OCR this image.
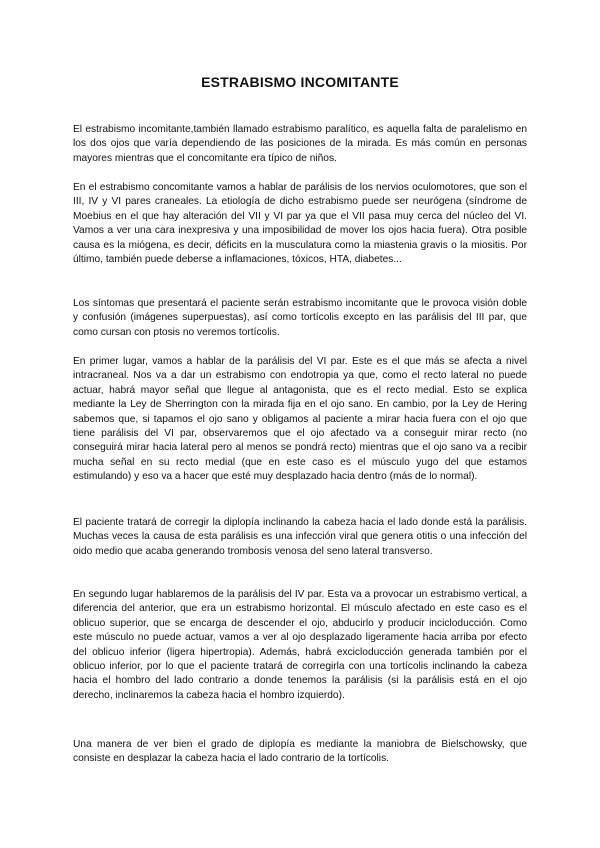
ESTRABISMO INCOMITANTE

El estrabismo incomitante,también llamado estrabismo paralítico, es aquella falta de paralelismo en los dos ojos que varía dependiendo de las posiciones de la mirada. Es más común en personas mayores mientras que el concomitante era típico de niños.

En el estrabismo concomitante vamos a hablar de parálisis de los nervios oculomotores, que son el III, IV y VI pares craneales. La etiología de dicho estrabismo puede ser neurógena (síndrome de Moebius en el que hay alteración del VII y VI par ya que el VII pasa muy cerca del núcleo del VI. Vamos a ver una cara inexpresiva y una imposibilidad de mover los ojos hacia fuera). Otra posible causa es la miógena, es decir, déficits en la musculatura como la miastenia gravis o la miositis. Por último, también puede deberse a inflamaciones, tóxicos, HTA, diabetes...

Los síntomas que presentará el paciente serán estrabismo incomitante que le provoca visión doble y confusión (imágenes superpuestas), así como tortícolis excepto en las parálisis del III par, que como cursan con ptosis no veremos tortícolis.

En primer lugar, vamos a hablar de la parálisis del VI par. Este es el que más se afecta a nivel intracraneal. Nos va a dar un estrabismo con endotropia ya que, como el recto lateral no puede actuar, habrá mayor señal que llegue al antagonista, que es el recto medial. Esto se explica mediante la Ley de Sherrington con la mirada fija en el ojo sano. En cambio, por la Ley de Hering sabemos que, si tapamos el ojo sano y obligamos al paciente a mirar hacia fuera con el ojo que tiene parálisis del VI par, observaremos que el ojo afectado va a conseguir mirar recto (no conseguirá mirar hacia lateral pero al menos se pondrá recto) mientras que el ojo sano va a recibir mucha señal en su recto medial (que en este caso es el músculo yugo del que estamos estimulando) y eso va a hacer que esté muy desplazado hacia dentro (más de lo normal).

El paciente tratará de corregir la diplopía inclinando la cabeza hacia el lado donde está la parálisis. Muchas veces la causa de esta parálisis es una infección viral que genera otitis o una infección del oido medio que acaba generando trombosis venosa del seno lateral transverso.

En segundo lugar hablaremos de la parálisis del IV par. Esta va a provocar un estrabismo vertical, a diferencia del anterior, que era un estrabismo horizontal. El músculo afectado en este caso es el oblicuo superior, que se encarga de descender el ojo, abducirlo y producir incicloducción. Como este músculo no puede actuar, vamos a ver al ojo desplazado ligeramente hacia arriba por efecto del oblicuo inferior (ligera hipertropia). Además, habrá excicloducción generada también por el oblicuo inferior, por lo que el paciente tratará de corregirla con una tortícolis inclinando la cabeza hacia el hombro del lado contrario a donde tenemos la parálisis (si la parálisis está en el ojo derecho, inclinaremos la cabeza hacia el hombro izquierdo).

Una manera de ver bien el grado de diplopía es mediante la maniobra de Bielschowsky, que consiste en desplazar la cabeza hacia el lado contrario de la tortícolis.
